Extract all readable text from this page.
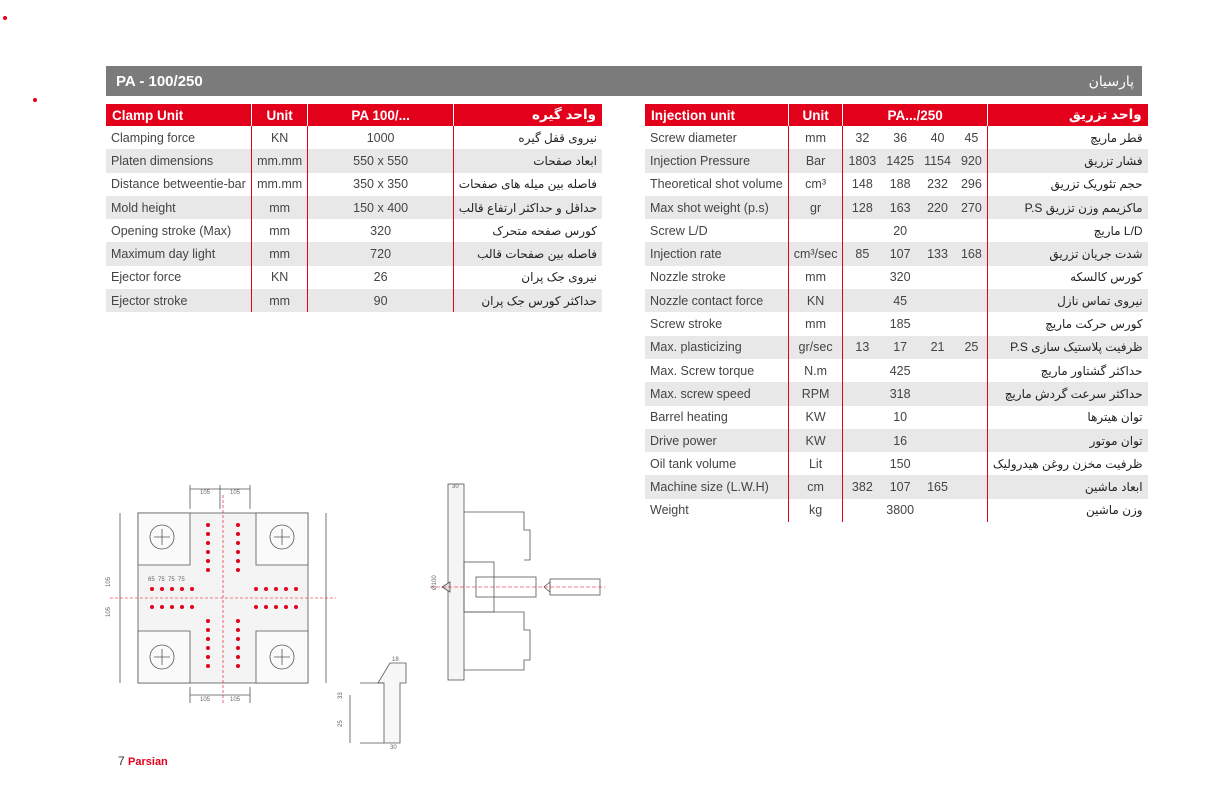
PA - 100/250	پارسیان
Clamp Unit	Unit	PA 100/...	واحد گیره
Clamping force	KN	1000	نیروی قفل گیره
Platen dimensions	mm.mm	550 x 550	ابعاد صفحات
Distance betweentie-bar	mm.mm	350 x 350	فاصله بین میله های صفحات
Mold height	mm	150 x 400	حداقل و حداکثر ارتفاع قالب
Opening stroke (Max)	mm	320	کورس صفحه متحرک
Maximum day light	mm	720	فاصله بین صفحات قالب
Ejector force	KN	26	نیروی جک پران
Ejector stroke	mm	90	حداکثر کورس جک پران
Injection unit	Unit	PA.../250				واحد تزریق
Screw diameter	mm	32	36	40	45	قطر ماریچ
Injection Pressure	Bar	1803	1425	1154	920	فشار تزریق
Theoretical shot volume	cm³	148	188	232	296	حجم تئوریک تزریق
Max shot weight (p.s)	gr	128	163	220	270	ماکزیمم وزن تزریق P.S
Screw L/D			20			L/D ماریچ
Injection rate	cm³/sec	85	107	133	168	شدت جریان تزریق
Nozzle stroke	mm		320			کورس کالسکه
Nozzle contact force	KN		45			نیروی تماس نازل
Screw stroke	mm		185			کورس حرکت ماریچ
Max. plasticizing	gr/sec	13	17	21	25	ظرفیت پلاستیک سازی P.S
Max. Screw torque	N.m		425			حداکثر گشتاور ماریچ
Max. screw speed	RPM		318			حداکثر سرعت گردش ماریچ
Barrel heating	KW		10			توان هیترها
Drive power	KW		16			توان موتور
Oil tank volume	Lit		150			ظرفیت مخزن روغن هیدرولیک
Machine size (L.W.H)	cm	382	107	165		ابعاد ماشین
Weight	kg		3800			وزن ماشین
105	105
105	105
65 75 75 75
105
105
30
Ø100
18
33
25
30
7 Parsian
